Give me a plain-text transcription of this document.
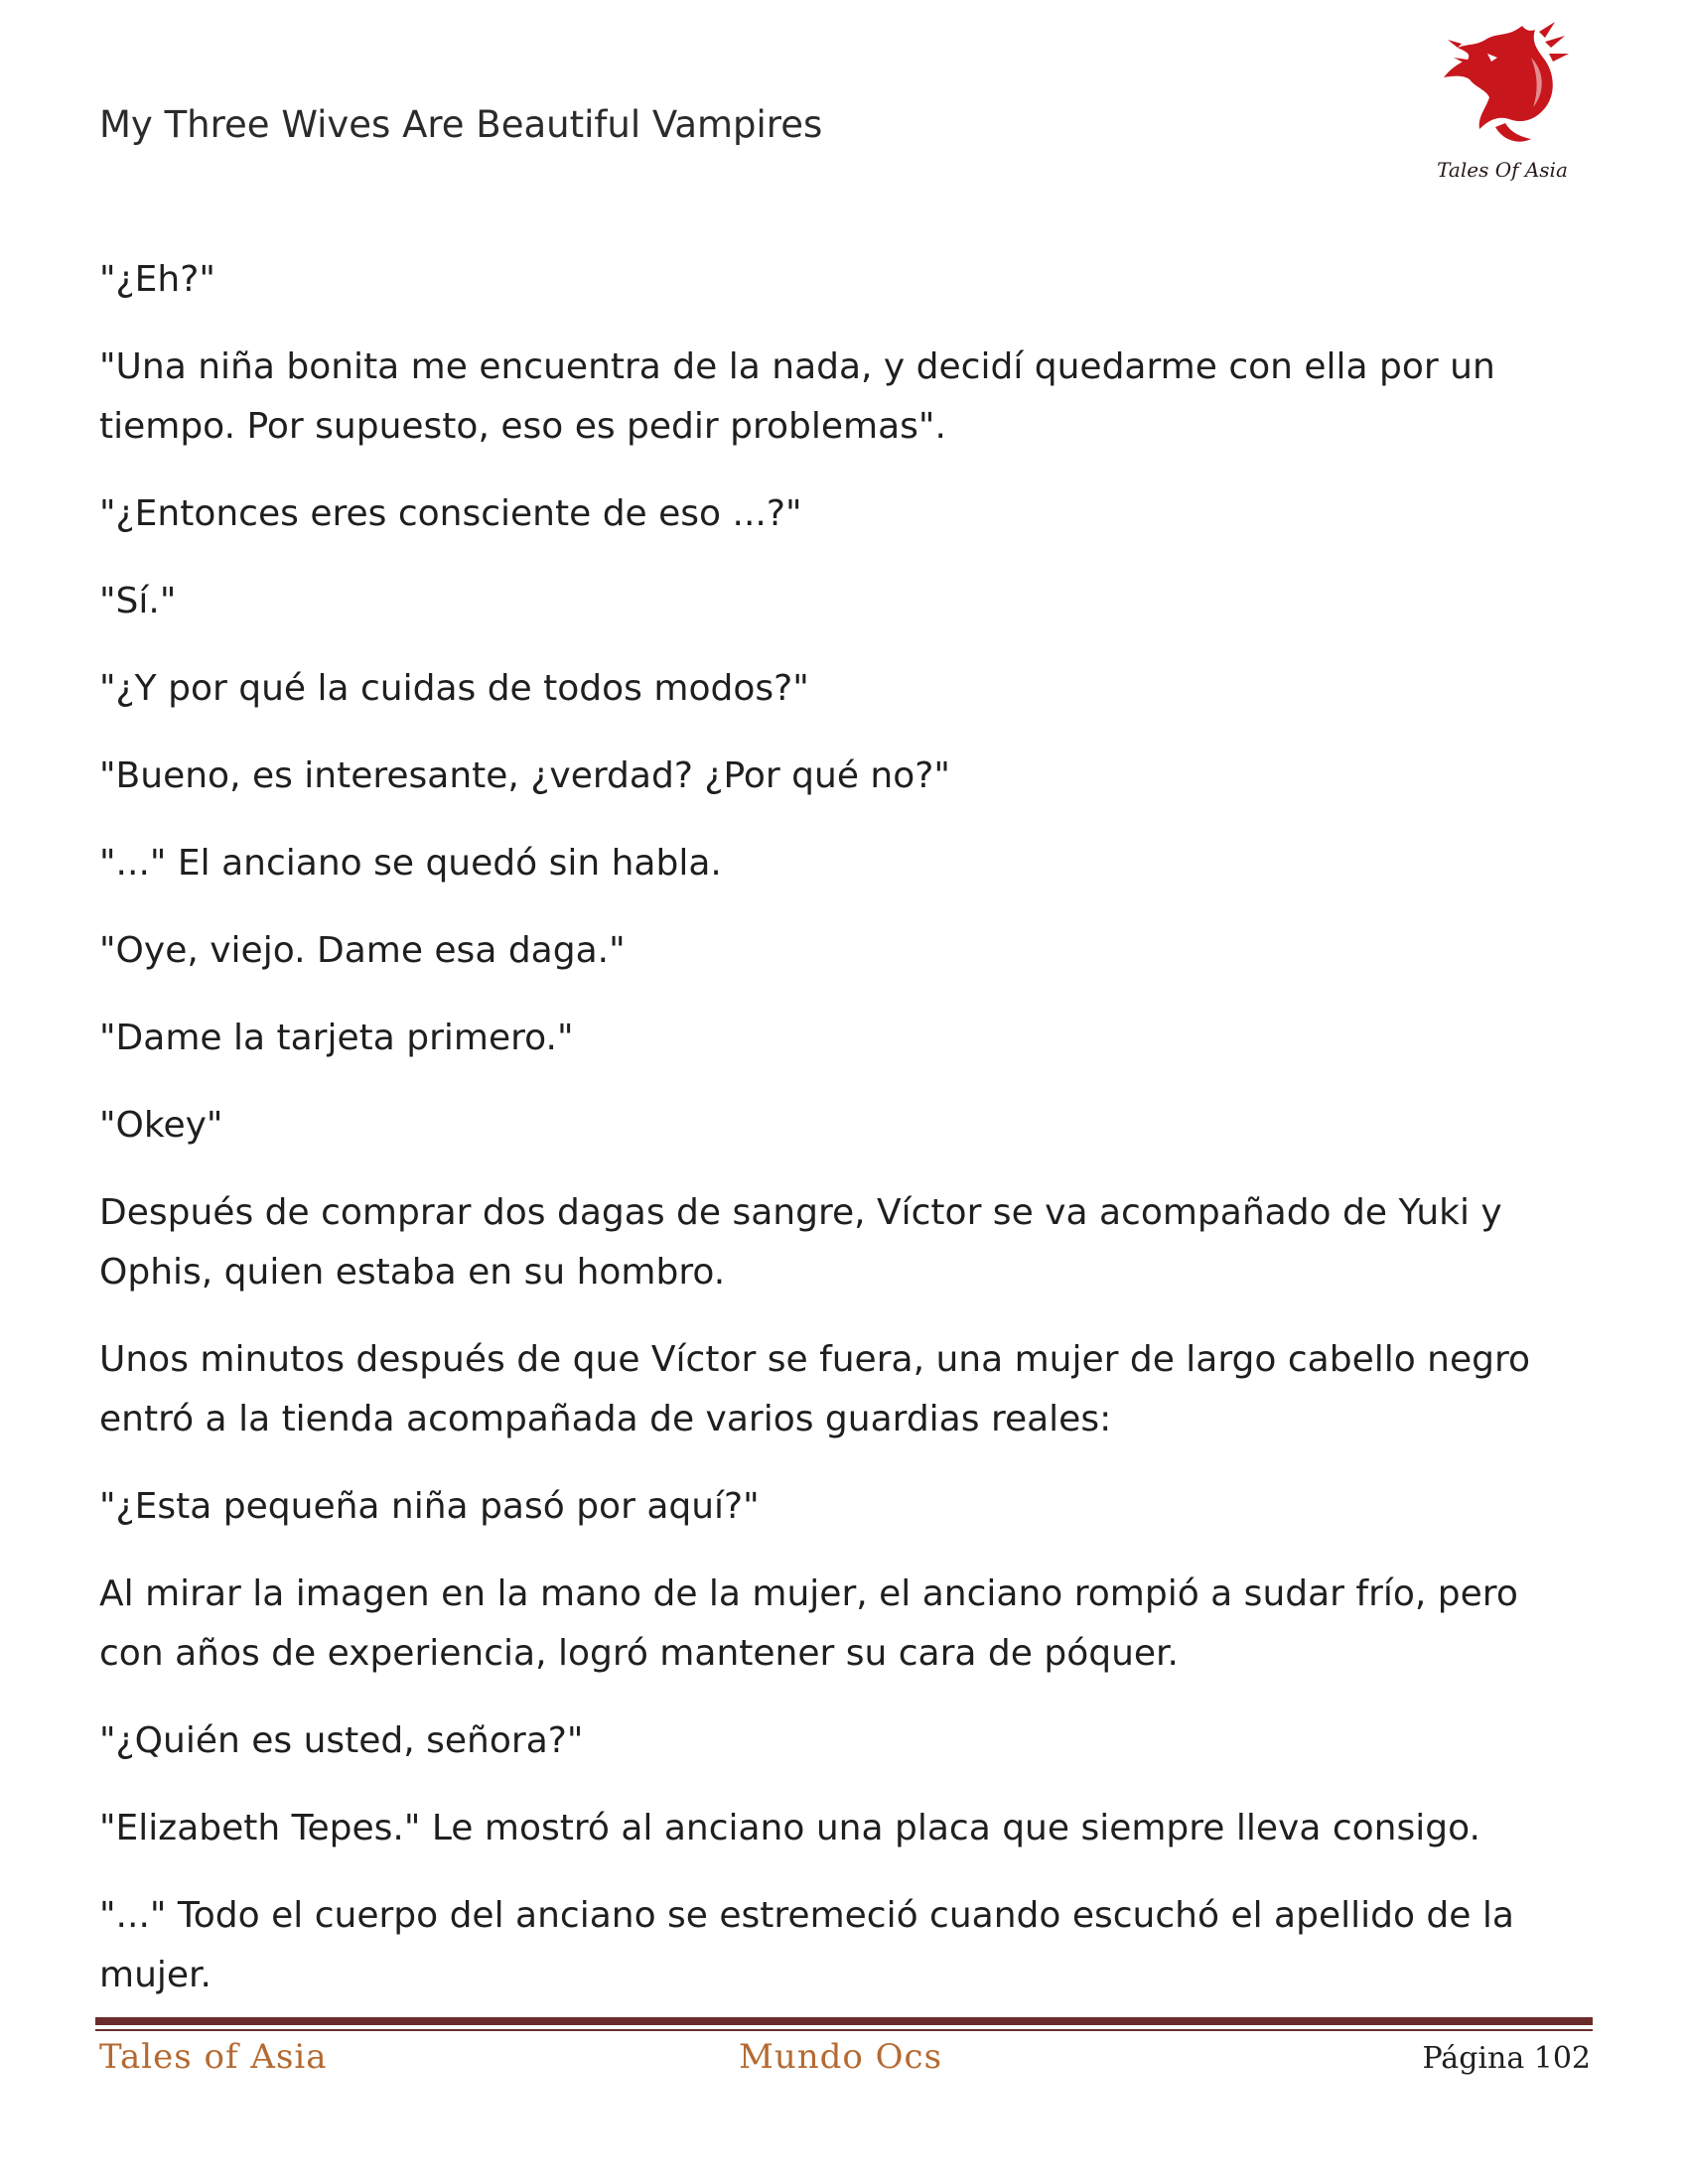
My Three Wives Are Beautiful Vampires
Tales Of Asia

"¿Eh?"

"Una niña bonita me encuentra de la nada, y decidí quedarme con ella por un tiempo. Por supuesto, eso es pedir problemas".

"¿Entonces eres consciente de eso ...?"

"Sí."

"¿Y por qué la cuidas de todos modos?"

"Bueno, es interesante, ¿verdad? ¿Por qué no?"

"..." El anciano se quedó sin habla.

"Oye, viejo. Dame esa daga."

"Dame la tarjeta primero."

"Okey"

Después de comprar dos dagas de sangre, Víctor se va acompañado de Yuki y Ophis, quien estaba en su hombro.

Unos minutos después de que Víctor se fuera, una mujer de largo cabello negro entró a la tienda acompañada de varios guardias reales:

"¿Esta pequeña niña pasó por aquí?"

Al mirar la imagen en la mano de la mujer, el anciano rompió a sudar frío, pero con años de experiencia, logró mantener su cara de póquer.

"¿Quién es usted, señora?"

"Elizabeth Tepes." Le mostró al anciano una placa que siempre lleva consigo.

"..." Todo el cuerpo del anciano se estremeció cuando escuchó el apellido de la mujer.

Tales of Asia	Mundo Ocs	Página 102
